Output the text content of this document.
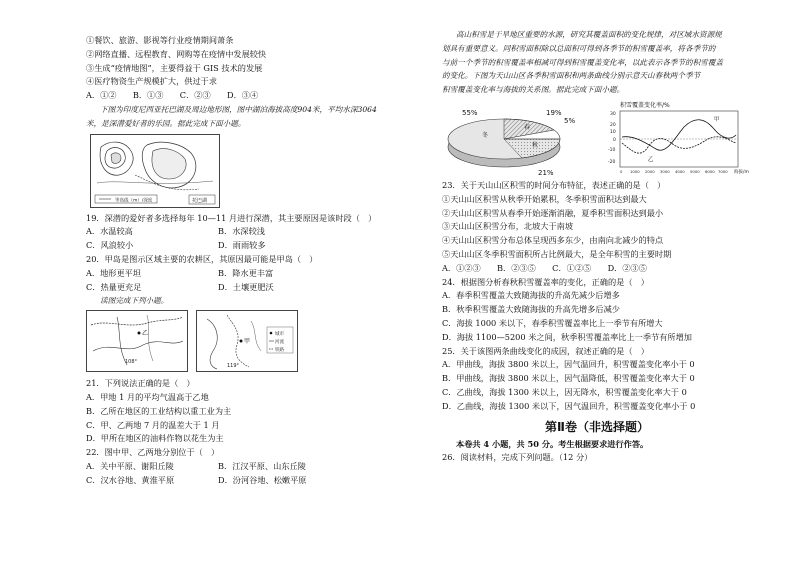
①餐饮、旅游、影视等行业疫情期间萧条
②网络直播、远程教育、网购等在疫情中发展较快
③生成“疫情地图”，主要得益于 GIS 技术的发展
④医疗物资生产规模扩大，供过于求
A．①②　　B．①③　　C．②③　　D．③④
下图为印度尼西亚托巴湖及周边地形图，图中湖泊海拔高度904米，平均水深3064
米，是深潜爱好者的乐园。据此完成下面小题。
等高线（m）/深度	托巴湖
19．深潜的爱好者多选择每年 10—11 月进行深潜，其主要原因是该时段（　）
A．水温较高	B．水深较浅
C．风浪较小	D．雨雨较多
20．甲岛是图示区域主要的农耕区，其原因最可能是甲岛（　）
A．地形更平坦	B．降水更丰富
C．热量更充足	D．土壤更肥沃
读图完成下列小题。
乙
108°
甲
119°
城市
河流
铁路
21．下列说法正确的是（　）
A．甲地 1 月的平均气温高于乙地
B．乙所在地区的工业结构以重工业为主
C．甲、乙两地 7 月的温差大于 1 月
D．甲所在地区的油料作物以花生为主
22．图中甲、乙两地分别位于（　）
A．关中平原、谢阳丘陵	B．江汉平原、山东丘陵
C．汉水谷地、黄淮平原	D．汾河谷地、松嫩平原
高山积雪是干旱地区重要的水源，研究其覆盖面积的变化规律，对区域水资源规
划具有重要意义。同积雪面积除以总面积可得到各季节的积雪覆盖率，将各季节的
与前一个季节的积雪覆盖率相减可得到积雪覆盖变化率，以此表示各季节的积雪覆盖
的变化。下图为天山山区各季积雪面积和两条曲线分别示意天山春秋两个季节
积雪覆盖变化率与海拔的关系图。据此完成下面小题。
55%	19%
5%
21%
冬
春
秋
积雪覆盖变化率/%
30
20
10
0
-10
-20
甲
乙
0 1000 2000 3000 4000 5000 6000 7000 海拔/m
23．关于天山山区积雪的时间分布特征，表述正确的是（　）
①天山山区积雪从秋季开始累积，冬季积雪面积达到最大
②天山山区积雪从春季开始逐渐消融，夏季积雪面积达到最小
③天山山区积雪分布，北坡大于南坡
④天山山区积雪分布总体呈现西多东少，由南向北减少的特点
⑤天山山区冬季积雪面积所占比例最大，是全年积雪的主要时期
A．①②③　　B．②③⑤　　C．①②⑤　　D．②③⑤
24．根据图分析春秋积雪覆盖率的变化，正确的是（　）
A．春季积雪覆盖大致随海拔的升高先减少后增多
B．秋季积雪覆盖大致随海拔的升高先增多后减少
C．海拔 1000 米以下，春季积雪覆盖率比上一季节有所增大
D．海拔 1100—5200 米之间，秋季积雪覆盖率比上一季节有所增加
25．关于该图两条曲线变化的成因，叙述正确的是（　）
A．甲曲线，海拔 3800 米以上，因气温回升，积雪覆盖变化率小于 0
B．甲曲线，海拔 3800 米以上，因气温降低，积雪覆盖变化率大于 0
C．乙曲线，海拔 1300 米以上，因无降水，积雪覆盖变化率大于 0
D．乙曲线，海拔 1300 米以下，因气温回升，积雪覆盖变化率小于 0
第Ⅱ卷（非选择题）
本卷共 4 小题，共 50 分。考生根据要求进行作答。
26．阅读材料，完成下列问题。（12 分）
